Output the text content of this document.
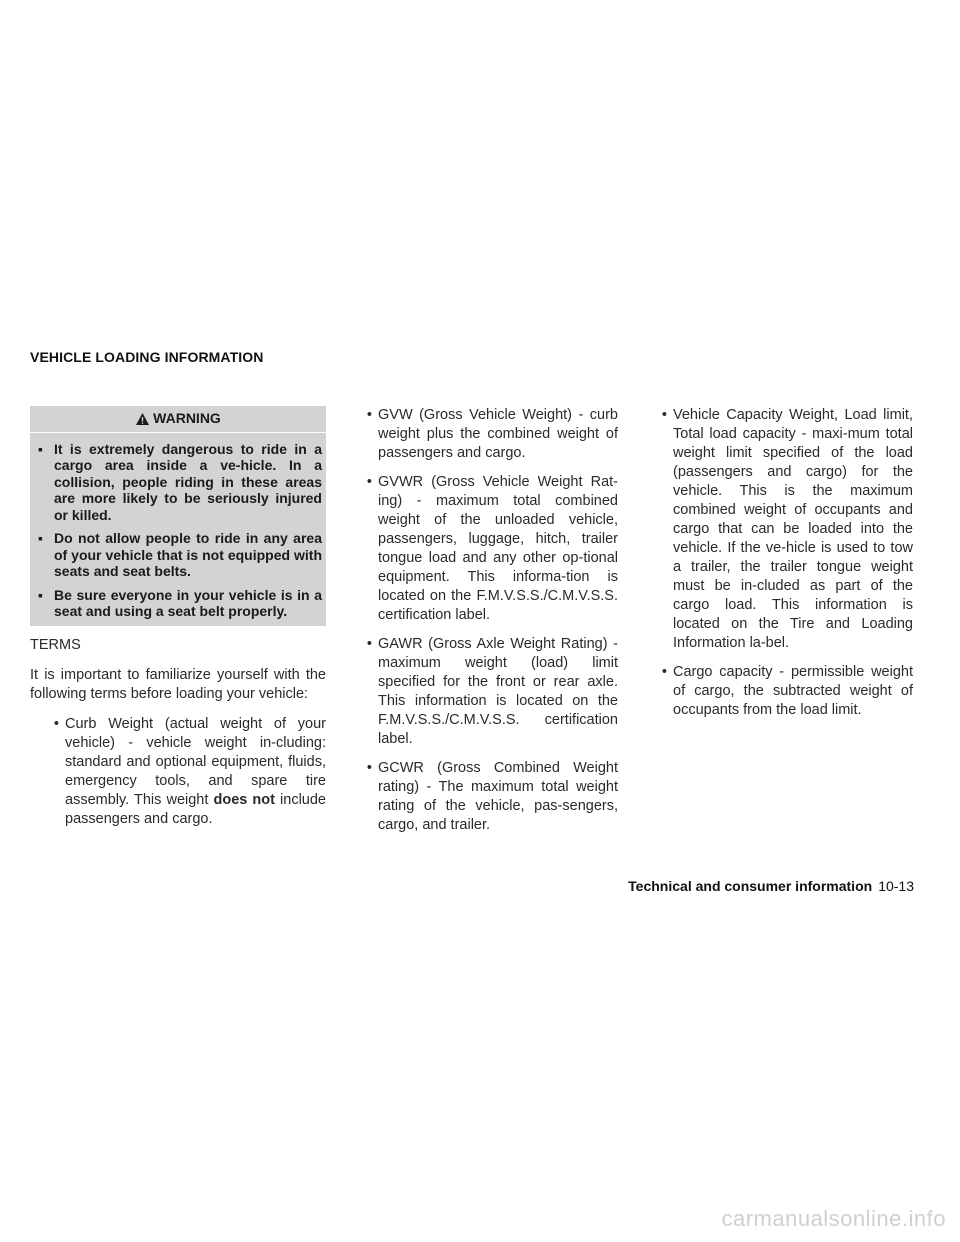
VEHICLE LOADING INFORMATION
WARNING
▪ It is extremely dangerous to ride in a cargo area inside a ve-hicle. In a collision, people riding in these areas are more likely to be seriously injured or killed.
▪ Do not allow people to ride in any area of your vehicle that is not equipped with seats and seat belts.
▪ Be sure everyone in your vehicle is in a seat and using a seat belt properly.

TERMS

It is important to familiarize yourself with the following terms before loading your vehicle:

• Curb Weight (actual weight of your vehicle) - vehicle weight in-cluding: standard and optional equipment, fluids, emergency tools, and spare tire assembly. This weight does not include passengers and cargo.
• GVW (Gross Vehicle Weight) - curb weight plus the combined weight of passengers and cargo.
• GVWR (Gross Vehicle Weight Rat-ing) - maximum total combined weight of the unloaded vehicle, passengers, luggage, hitch, trailer tongue load and any other op-tional equipment. This informa-tion is located on the F.M.V.S.S./C.M.V.S.S. certification label.
• GAWR (Gross Axle Weight Rating) - maximum weight (load) limit specified for the front or rear axle. This information is located on the F.M.V.S.S./C.M.V.S.S. certification label.
• GCWR (Gross Combined Weight rating) - The maximum total weight rating of the vehicle, pas-sengers, cargo, and trailer.
• Vehicle Capacity Weight, Load limit, Total load capacity - maxi-mum total weight limit specified of the load (passengers and cargo) for the vehicle. This is the maximum combined weight of occupants and cargo that can be loaded into the vehicle. If the ve-hicle is used to tow a trailer, the trailer tongue weight must be in-cluded as part of the cargo load. This information is located on the Tire and Loading Information la-bel.
• Cargo capacity - permissible weight of cargo, the subtracted weight of occupants from the load limit.
Technical and consumer information 10-13
carmanualsonline.info
